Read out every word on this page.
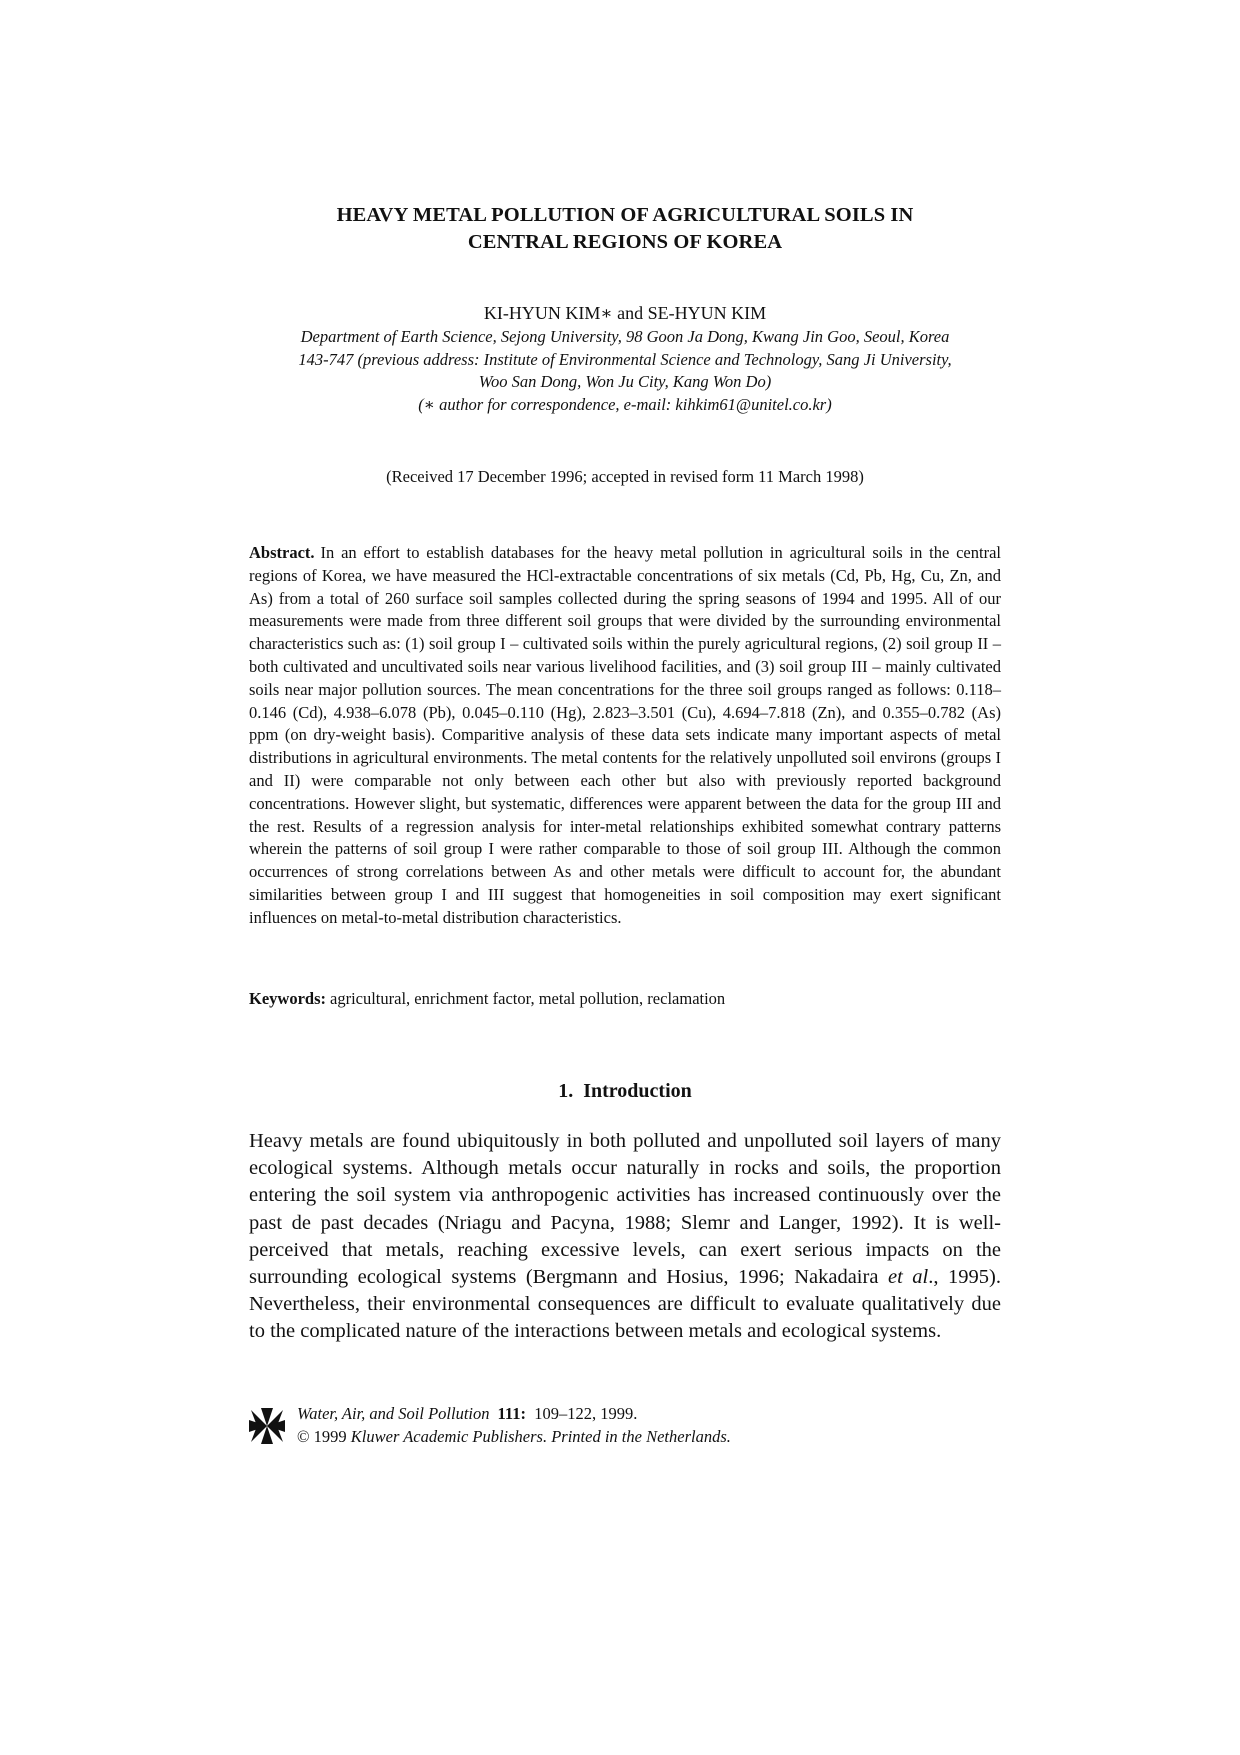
HEAVY METAL POLLUTION OF AGRICULTURAL SOILS IN
CENTRAL REGIONS OF KOREA
KI-HYUN KIM∗ and SE-HYUN KIM
Department of Earth Science, Sejong University, 98 Goon Ja Dong, Kwang Jin Goo, Seoul, Korea
143-747 (previous address: Institute of Environmental Science and Technology, Sang Ji University,
Woo San Dong, Won Ju City, Kang Won Do)
(∗ author for correspondence, e-mail: kihkim61@unitel.co.kr)
(Received 17 December 1996; accepted in revised form 11 March 1998)
Abstract. In an effort to establish databases for the heavy metal pollution in agricultural soils in the central regions of Korea, we have measured the HCl-extractable concentrations of six metals (Cd, Pb, Hg, Cu, Zn, and As) from a total of 260 surface soil samples collected during the spring seasons of 1994 and 1995. All of our measurements were made from three different soil groups that were divided by the surrounding environmental characteristics such as: (1) soil group I – cultivated soils within the purely agricultural regions, (2) soil group II – both cultivated and uncultivated soils near various livelihood facilities, and (3) soil group III – mainly cultivated soils near major pollution sources. The mean concentrations for the three soil groups ranged as follows: 0.118–0.146 (Cd), 4.938–6.078 (Pb), 0.045–0.110 (Hg), 2.823–3.501 (Cu), 4.694–7.818 (Zn), and 0.355–0.782 (As) ppm (on dry-weight basis). Comparitive analysis of these data sets indicate many important aspects of metal distributions in agricultural environments. The metal contents for the relatively unpolluted soil environs (groups I and II) were comparable not only between each other but also with previously reported background concentrations. However slight, but systematic, differences were apparent between the data for the group III and the rest. Results of a regression analysis for inter-metal relationships exhibited somewhat contrary patterns wherein the patterns of soil group I were rather comparable to those of soil group III. Although the common occurrences of strong correlations between As and other metals were difficult to account for, the abundant similarities between group I and III suggest that homogeneities in soil composition may exert significant influences on metal-to-metal distribution characteristics.
Keywords: agricultural, enrichment factor, metal pollution, reclamation
1. Introduction
Heavy metals are found ubiquitously in both polluted and unpolluted soil layers of many ecological systems. Although metals occur naturally in rocks and soils, the proportion entering the soil system via anthropogenic activities has increased continuously over the past de past decades (Nriagu and Pacyna, 1988; Slemr and Langer, 1992). It is well-perceived that metals, reaching excessive levels, can exert serious impacts on the surrounding ecological systems (Bergmann and Hosius, 1996; Nakadaira et al., 1995). Nevertheless, their environmental consequences are difficult to evaluate qualitatively due to the complicated nature of the interactions between metals and ecological systems.
Water, Air, and Soil Pollution 111: 109–122, 1999.
© 1999 Kluwer Academic Publishers. Printed in the Netherlands.
